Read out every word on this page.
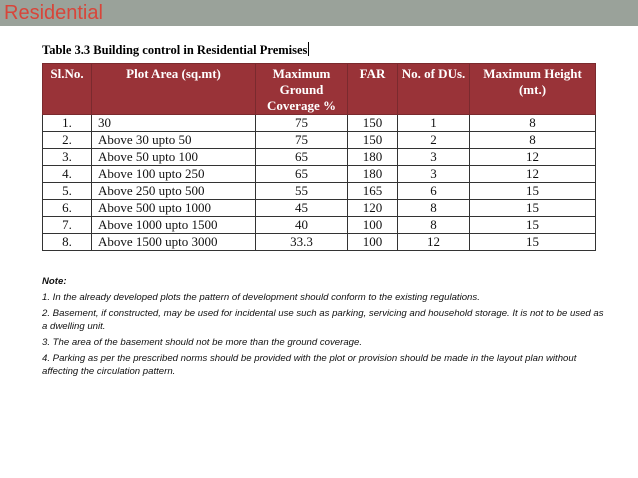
Residential
Table 3.3 Building control in Residential Premises
Sl.No.	Plot Area (sq.mt)	Maximum Ground Coverage %	FAR	No. of DUs.	Maximum Height (mt.)
1.	30	75	150	1	8
2.	Above 30 upto 50	75	150	2	8
3.	Above 50 upto 100	65	180	3	12
4.	Above 100 upto 250	65	180	3	12
5.	Above 250 upto 500	55	165	6	15
6.	Above 500 upto 1000	45	120	8	15
7.	Above 1000 upto 1500	40	100	8	15
8.	Above 1500 upto 3000	33.3	100	12	15
Note:
1. In the already developed plots the pattern of development should conform to the existing regulations.
2. Basement, if constructed, may be used for incidental use such as parking, servicing and household storage. It is not to be used as a dwelling unit.
3. The area of the basement should not be more than the ground coverage.
4. Parking as per the prescribed norms should be provided with the plot or provision should be made in the layout plan without affecting the circulation pattern.
